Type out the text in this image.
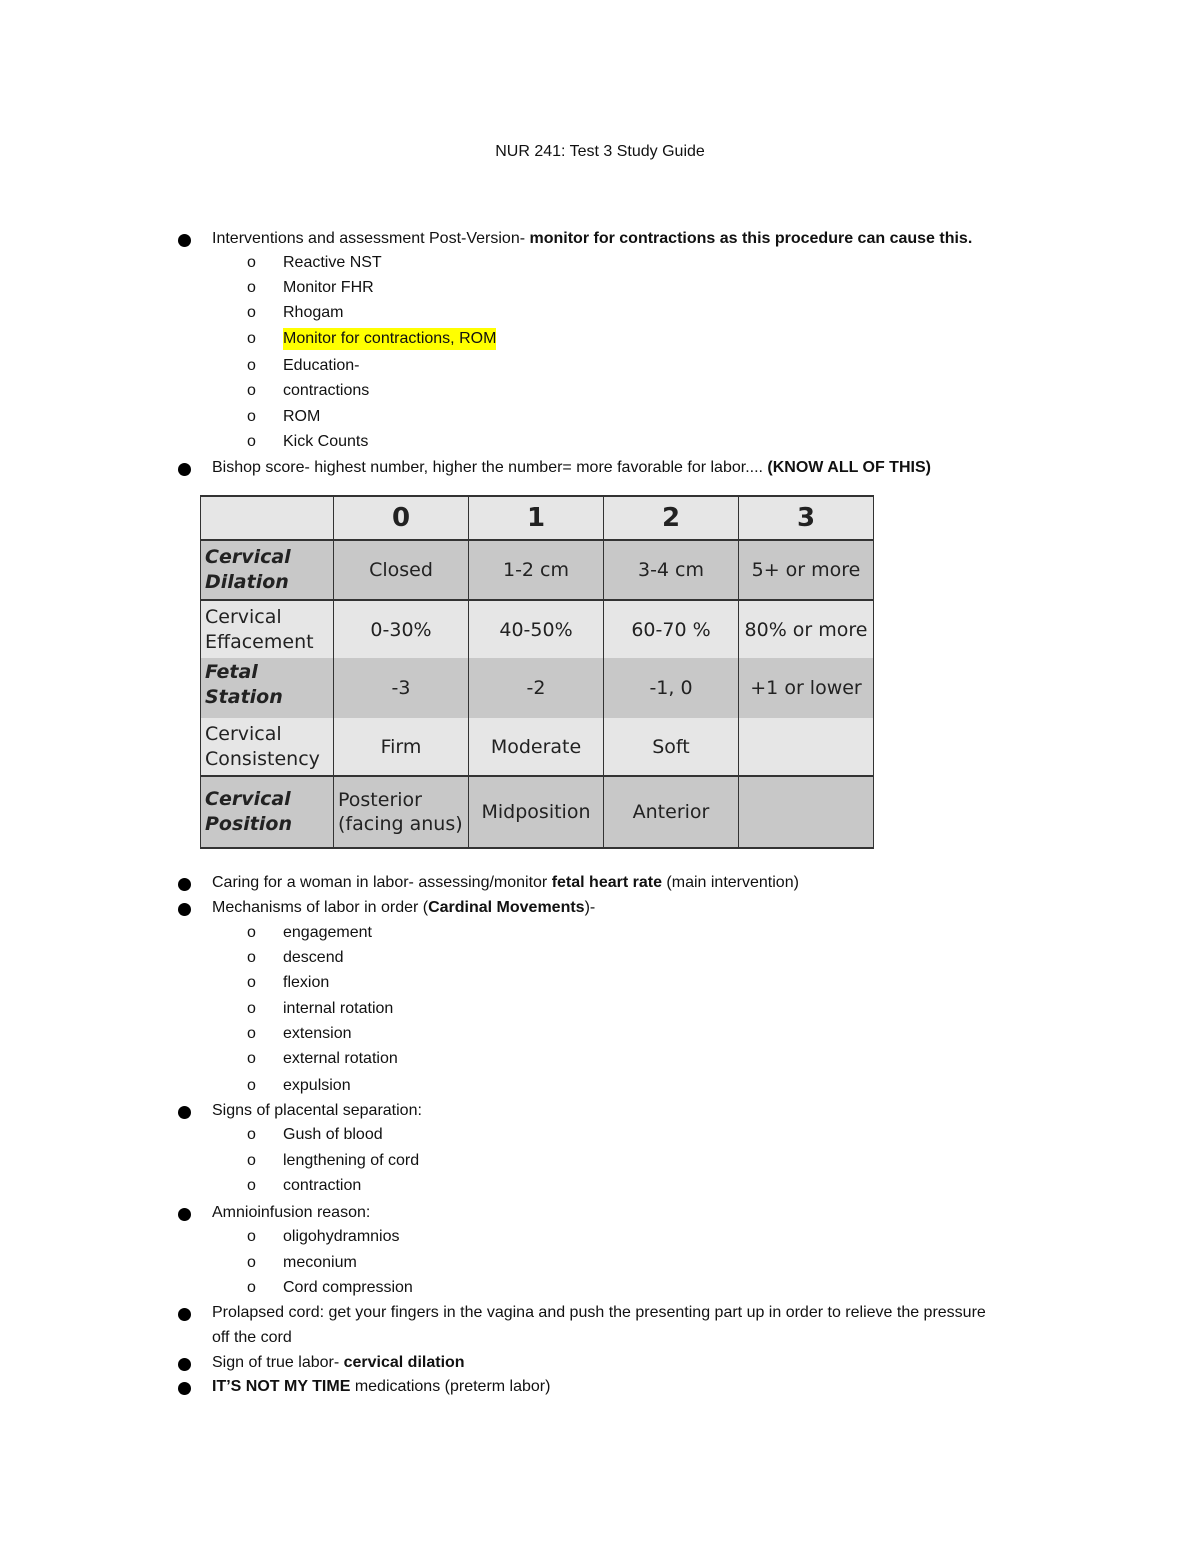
NUR 241: Test 3 Study Guide
Interventions and assessment Post-Version- monitor for contractions as this procedure can cause this.
o Reactive NST
o Monitor FHR
o Rhogam
o Monitor for contractions, ROM
o Education-
o contractions
o ROM
o Kick Counts
Bishop score- highest number, higher the number= more favorable for labor.... (KNOW ALL OF THIS)
	0	1	2	3
Cervical Dilation	Closed	1-2 cm	3-4 cm	5+ or more
Cervical Effacement	0-30%	40-50%	60-70 %	80% or more
Fetal Station	-3	-2	-1, 0	+1 or lower
Cervical Consistency	Firm	Moderate	Soft	
Cervical Position	Posterior (facing anus)	Midposition	Anterior	
Caring for a woman in labor- assessing/monitor fetal heart rate (main intervention)
Mechanisms of labor in order (Cardinal Movements)-
o engagement
o descend
o flexion
o internal rotation
o extension
o external rotation
o expulsion
Signs of placental separation:
o Gush of blood
o lengthening of cord
o contraction
Amnioinfusion reason:
o oligohydramnios
o meconium
o Cord compression
Prolapsed cord: get your fingers in the vagina and push the presenting part up in order to relieve the pressure
off the cord
Sign of true labor- cervical dilation
IT’S NOT MY TIME medications (preterm labor)
